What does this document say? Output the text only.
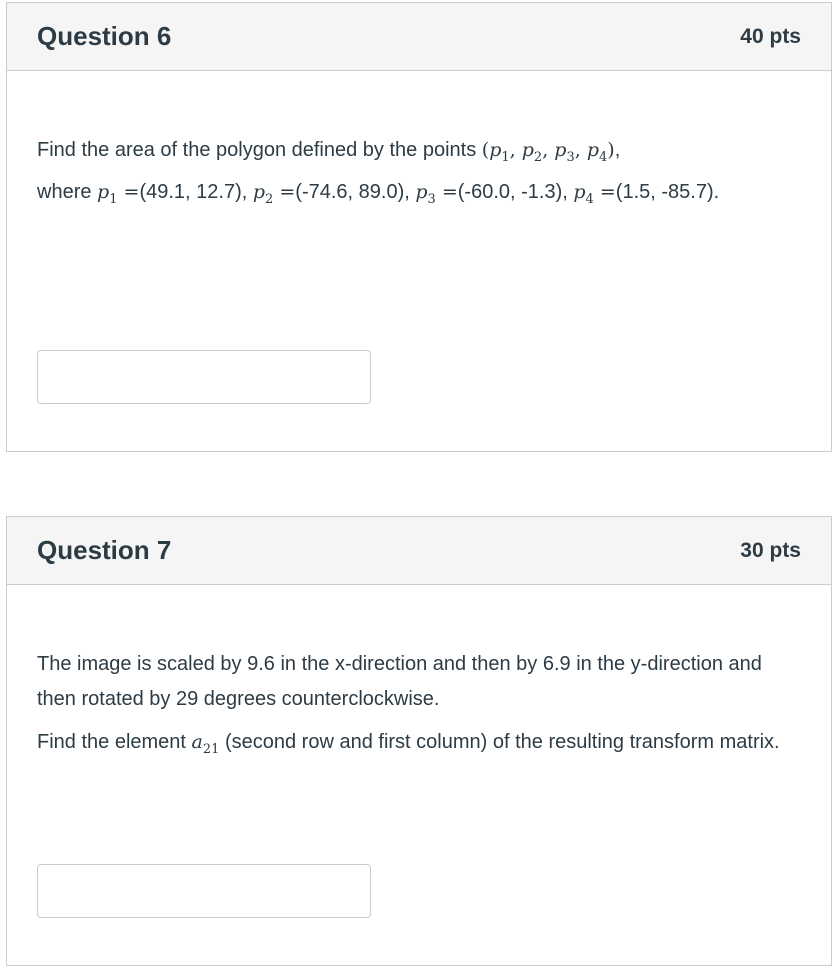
Question 6	40 pts

Find the area of the polygon defined by the points ($p_1$, $p_2$, $p_3$, $p_4$),
where $p_1 =(49.1$, 12.7), $p_2 =(-74.6$, 89.0), $p_3 =(-60.0$, -1.3), $p_4 =(1.5$, -85.7).

Question 7	30 pts

The image is scaled by 9.6 in the x-direction and then by 6.9 in the y-direction and then rotated by 29 degrees counterclockwise.

Find the element $a_{21}$ (second row and first column) of the resulting transform matrix.
